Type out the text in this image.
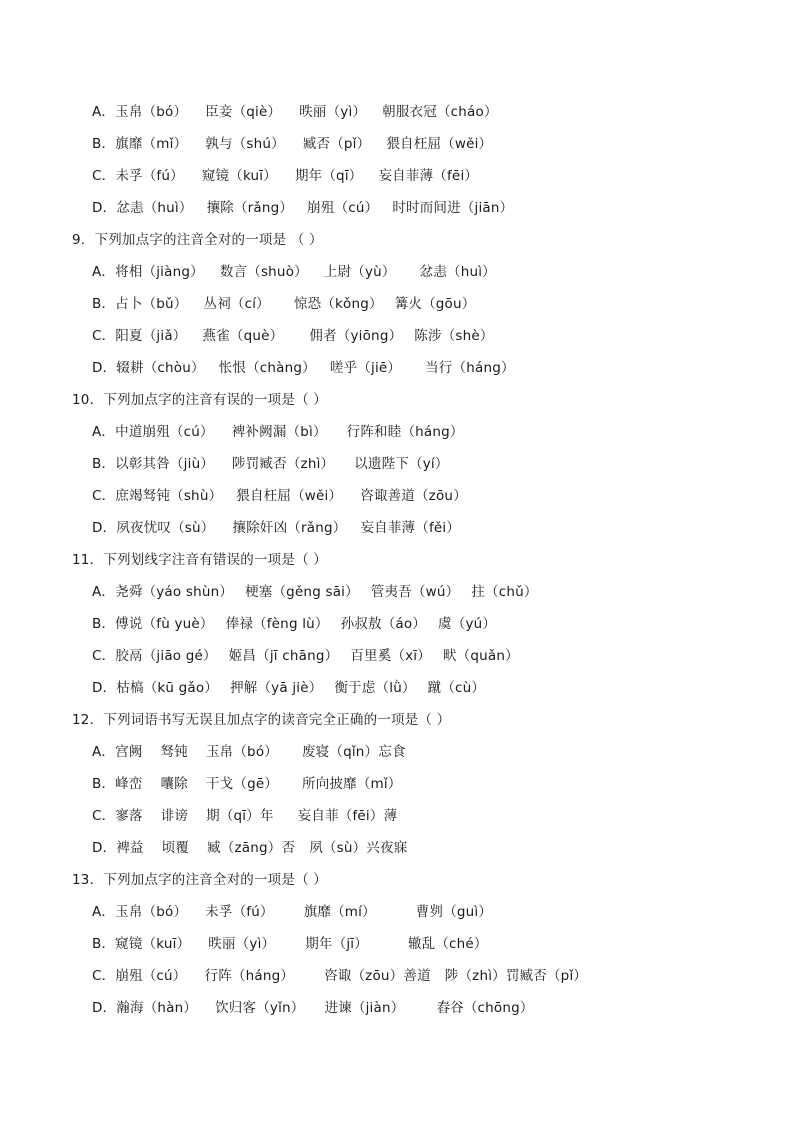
A．玉帛（bó） 臣妾（qiè） 昳丽（yì） 朝服衣冠（cháo）
B．旗靡（mǐ） 孰与（shú） 臧否（pǐ） 猥自枉屈（wěi）
C．未孚（fú） 窥镜（kuī） 期年（qī） 妄自菲薄（fēi）
D．忿恚（huì） 攘除（rǎng） 崩殂（cú） 时时而间进（jiān）
9．下列加点字的注音全对的一项是 （ ）
A．将相（jiàng） 数言（shuò） 上尉（yù） 忿恚（huì）
B．占卜（bǔ） 丛祠（cí） 惊恐（kǒng） 篝火（gōu）
C．阳夏（jiǎ） 燕雀（què） 佣者（yiōng） 陈涉（shè）
D．辍耕（chòu） 怅恨（chàng） 嗟乎（jiē） 当行（háng）
10．下列加点字的注音有误的一项是（ ）
A．中道崩殂（cú） 裨补阙漏（bì） 行阵和睦（háng）
B．以彰其咎（jiù） 陟罚臧否（zhì） 以遗陛下（yí）
C．庶竭驽钝（shù） 猥自枉屈（wěi） 咨诹善道（zōu）
D．夙夜忧叹（sù） 攘除奸凶（rǎng） 妄自菲薄（fěi）
11．下列划线字注音有错误的一项是（ ）
A．尧舜（yáo shùn） 梗塞（gěng sāi） 管夷吾（wú） 拄（chǔ）
B．傅说（fù yuè） 俸禄（fèng lù） 孙叔敖（áo） 虞（yú）
C．胶鬲（jiāo gé） 姬昌（jī chāng） 百里奚（xī） 畎（quǎn）
D．枯槁（kū gǎo） 押解（yā jiè） 衡于虑（lǜ） 蹴（cù）
12．下列词语书写无误且加点字的读音完全正确的一项是（ ）
A．宫阙 驽钝 玉帛（bó） 废寝（qǐn）忘食
B．峰峦 囔除 干戈（gē） 所向披靡（mǐ）
C．寥落 诽谤 期（qī）年 妄自菲（fēi）薄
D．裨益 顷覆 臧（zāng）否 夙（sù）兴夜寐
13．下列加点字的注音全对的一项是（ ）
A．玉帛（bó） 未孚（fú） 旗靡（mí）	曹刿（guì）
B．窥镜（kuī） 昳丽（yì） 期年（jī）	辙乱（ché）
C．崩殂（cú） 行阵（háng） 咨诹（zōu）善道 陟（zhì）罚臧否（pǐ）
D．瀚海（hàn） 饮归客（yǐn） 进谏（jiàn） 舂谷（chōng）
